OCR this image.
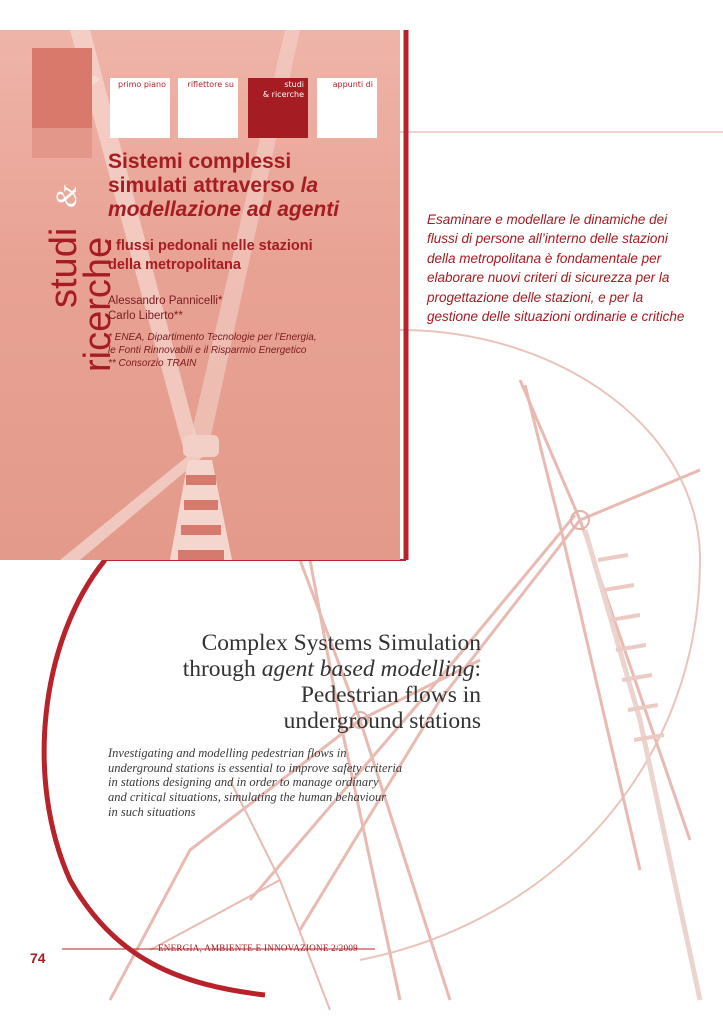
primo piano	riflettore su	studi
& ricerche
appunti di
studi
&
ricerche
Sistemi complessi
simulati attraverso la
modellazione ad agenti
I flussi pedonali nelle stazioni
della metropolitana
Alessandro Pannicelli*
Carlo Liberto**
* ENEA, Dipartimento Tecnologie per l’Energia,
le Fonti Rinnovabili e il Risparmio Energetico
** Consorzio TRAIN
Esaminare e modellare le dinamiche dei flussi di persone all’interno delle stazioni della metropolitana è fondamentale per elaborare nuovi criteri di sicurezza per la progettazione delle stazioni, e per la gestione delle situazioni ordinarie e critiche
Complex Systems Simulation
through agent based modelling:
Pedestrian flows in
underground stations
Investigating and modelling pedestrian flows in
underground stations is essential to improve safety criteria
in stations designing and in order to manage ordinary
and critical situations, simulating the human behaviour
in such situations
74
ENERGIA, AMBIENTE E INNOVAZIONE 2/2009
